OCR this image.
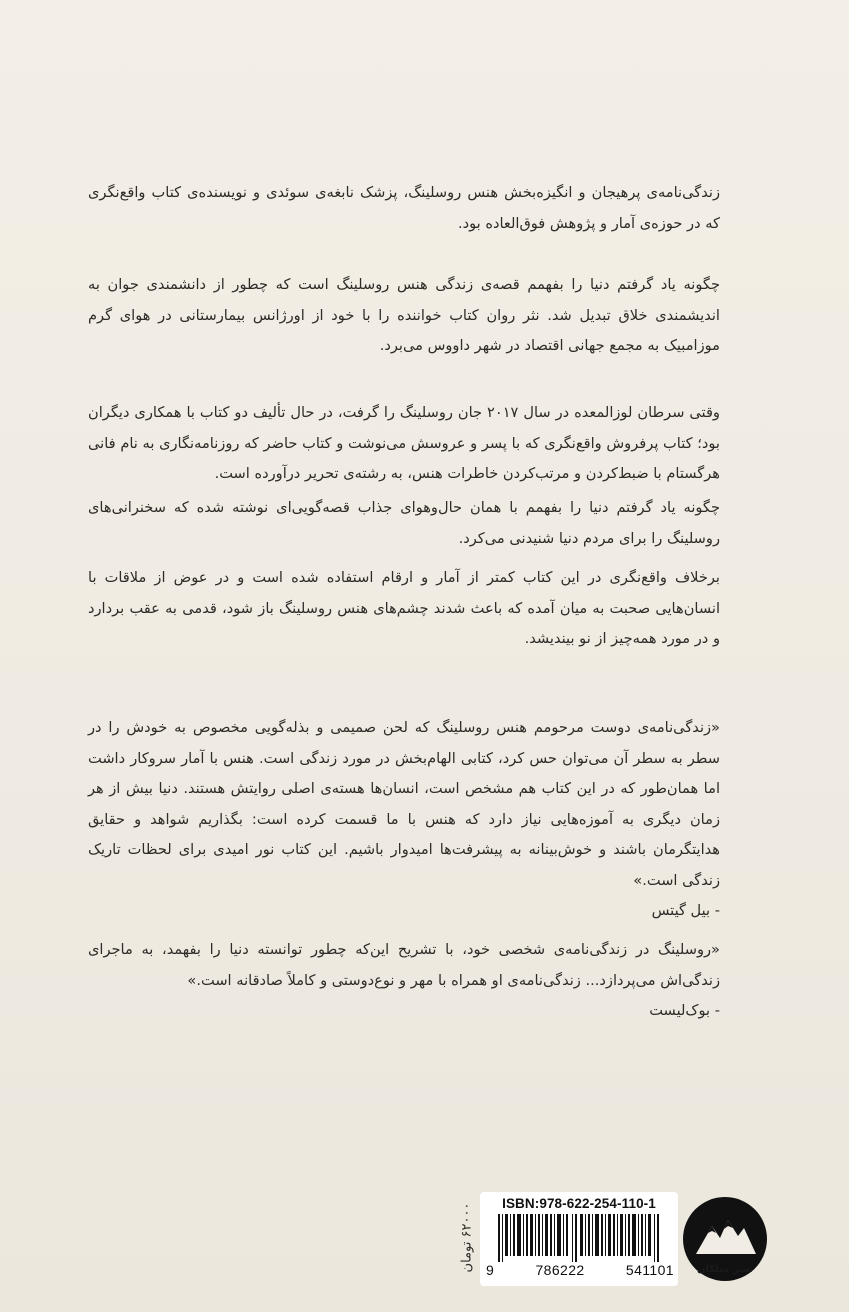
زندگی‌نامه‌ی پرهیجان و انگیزه‌بخش هنس روسلینگ، پزشک نابغه‌ی سوئدی و نویسنده‌ی کتاب واقع‌نگری که در حوزه‌ی آمار و پژوهش فوق‌العاده بود.

چگونه یاد گرفتم دنیا را بفهمم قصه‌ی زندگی هنس روسلینگ است که چطور از دانشمندی جوان به اندیشمندی خلاق تبدیل شد. نثر روان کتاب خواننده را با خود از اورژانس بیمارستانی در هوای گرم موزامبیک به مجمع جهانی اقتصاد در شهر داووس می‌برد.

وقتی سرطان لوزالمعده در سال ۲۰۱۷ جان روسلینگ را گرفت، در حال تألیف دو کتاب با همکاری دیگران بود؛ کتاب پرفروش واقع‌نگری که با پسر و عروسش می‌نوشت و کتاب حاضر که روزنامه‌نگاری به نام فانی هرگستام با ضبط‌کردن و مرتب‌کردن خاطرات هنس، به رشته‌ی تحریر درآورده است.

چگونه یاد گرفتم دنیا را بفهمم با همان حال‌وهوای جذاب قصه‌گویی‌ای نوشته شده که سخنرانی‌های روسلینگ را برای مردم دنیا شنیدنی می‌کرد.

برخلاف واقع‌نگری در این کتاب کمتر از آمار و ارقام استفاده شده است و در عوض از ملاقات با انسان‌هایی صحبت به میان آمده که باعث شدند چشم‌های هنس روسلینگ باز شود، قدمی به عقب بردارد و در مورد همه‌چیز از نو بیندیشد.

«زندگی‌نامه‌ی دوست مرحومم هنس روسلینگ که لحن صمیمی و بذله‌گویی مخصوص به خودش را در سطر به سطر آن می‌توان حس کرد، کتابی الهام‌بخش در مورد زندگی است. هنس با آمار سروکار داشت اما همان‌طور که در این کتاب هم مشخص است، انسان‌ها هسته‌ی اصلی روایتش هستند. دنیا بیش از هر زمان دیگری به آموزه‌هایی نیاز دارد که هنس با ما قسمت کرده است: بگذاریم شواهد و حقایق هدایتگرمان باشند و خوش‌بینانه به پیشرفت‌ها امیدوار باشیم. این کتاب نور امیدی برای لحظات تاریک زندگی است.»

- بیل گیتس

«روسلینگ در زندگی‌نامه‌ی شخصی خود، با تشریح این‌که چطور توانسته دنیا را بفهمد، به ماجرای زندگی‌اش می‌پردازد... زندگی‌نامه‌ی او همراه با مهر و نوع‌دوستی و کاملاً صادقانه است.»

- بوک‌لیست
۶۲۰۰۰ تومان	ISBN:978-622-254-110-1
9	786222	541101	نشر میلکان
